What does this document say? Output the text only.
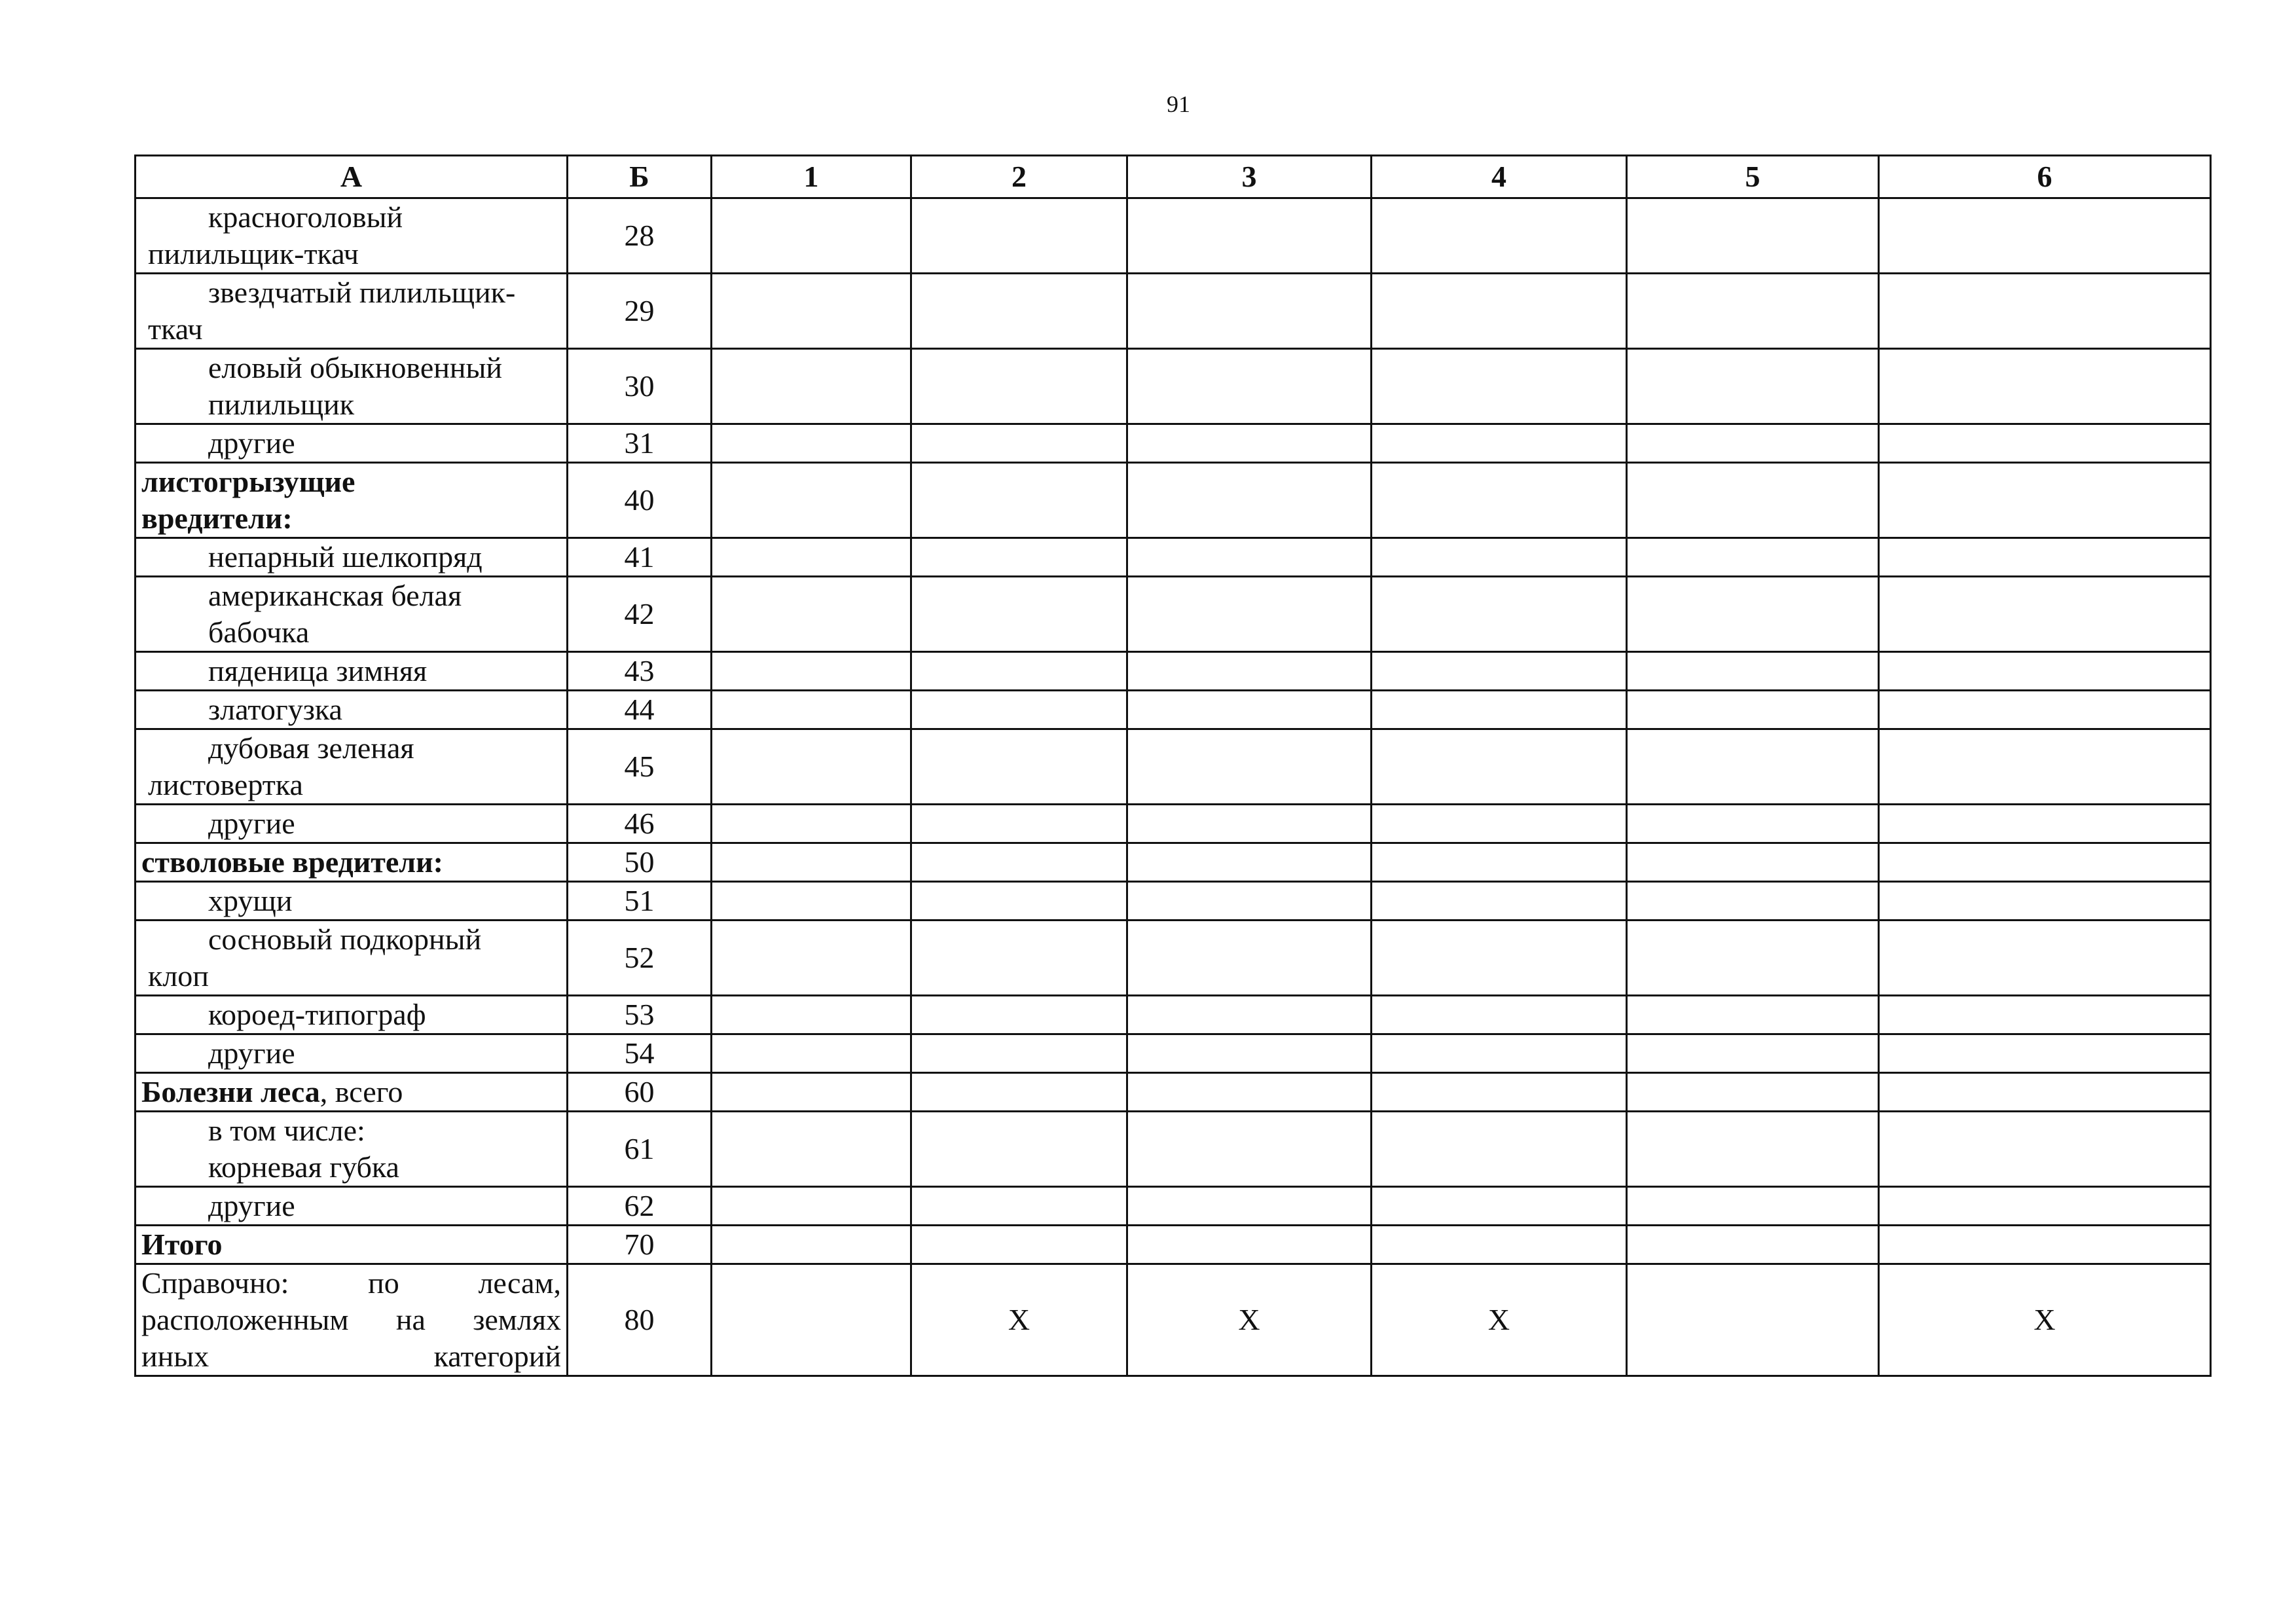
91
А	Б	1	2	3	4	5	6

красноголовый
пилильщик-ткач	28						

звездчатый пилильщик-
ткач	29						

еловый обыкновенный
пилильщик	30						

другие	31						
листогрызущие
вредители:	40						

непарный шелкопряд	41						

американская белая
бабочка	42						

пяденица зимняя	43						

златогузка	44						

дубовая зеленая
листовертка	45						

другие	46						
стволовые вредители:	50						

хрущи	51						

сосновый подкорный
клоп	52						

короед-типограф	53						

другие	54						
Болезни леса, всего	60						

в том числе:
корневая губка	61						

другие	62						
Итого	70						
Справочно: по лесам,
расположенным на землях
иных категорий	80		Х	Х	Х		Х
